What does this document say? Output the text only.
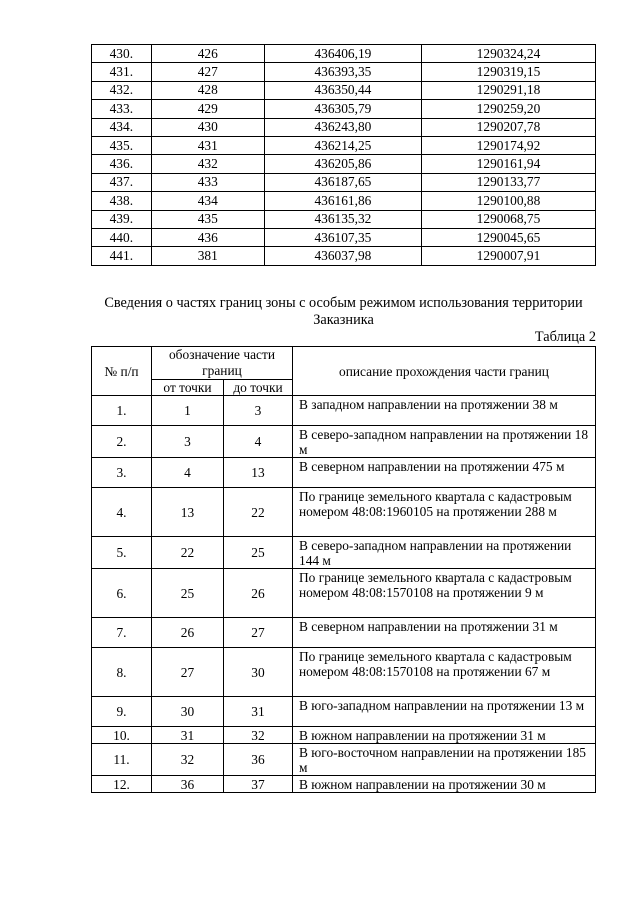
430.	426	436406,19	1290324,24
431.	427	436393,35	1290319,15
432.	428	436350,44	1290291,18
433.	429	436305,79	1290259,20
434.	430	436243,80	1290207,78
435.	431	436214,25	1290174,92
436.	432	436205,86	1290161,94
437.	433	436187,65	1290133,77
438.	434	436161,86	1290100,88
439.	435	436135,32	1290068,75
440.	436	436107,35	1290045,65
441.	381	436037,98	1290007,91
Сведения о частях границ зоны с особым режимом использования территории Заказника
Таблица 2
№ п/п	обозначение части границ		описание прохождения части границ
	от точки	до точки	
1.	1	3	В западном направлении на протяжении 38 м
2.	3	4	В северо-западном направлении на протяжении 18 м
3.	4	13	В северном направлении на протяжении 475 м
4.	13	22	По границе земельного квартала с кадастровым номером 48:08:1960105 на протяжении 288 м
5.	22	25	В северо-западном направлении на протяжении 144 м
6.	25	26	По границе земельного квартала с кадастровым номером 48:08:1570108 на протяжении 9 м
7.	26	27	В северном направлении на протяжении 31 м
8.	27	30	По границе земельного квартала с кадастровым номером 48:08:1570108 на протяжении 67 м
9.	30	31	В юго-западном направлении на протяжении 13 м
10.	31	32	В южном направлении на протяжении 31 м
11.	32	36	В юго-восточном направлении на протяжении 185 м
12.	36	37	В южном направлении на протяжении 30 м
